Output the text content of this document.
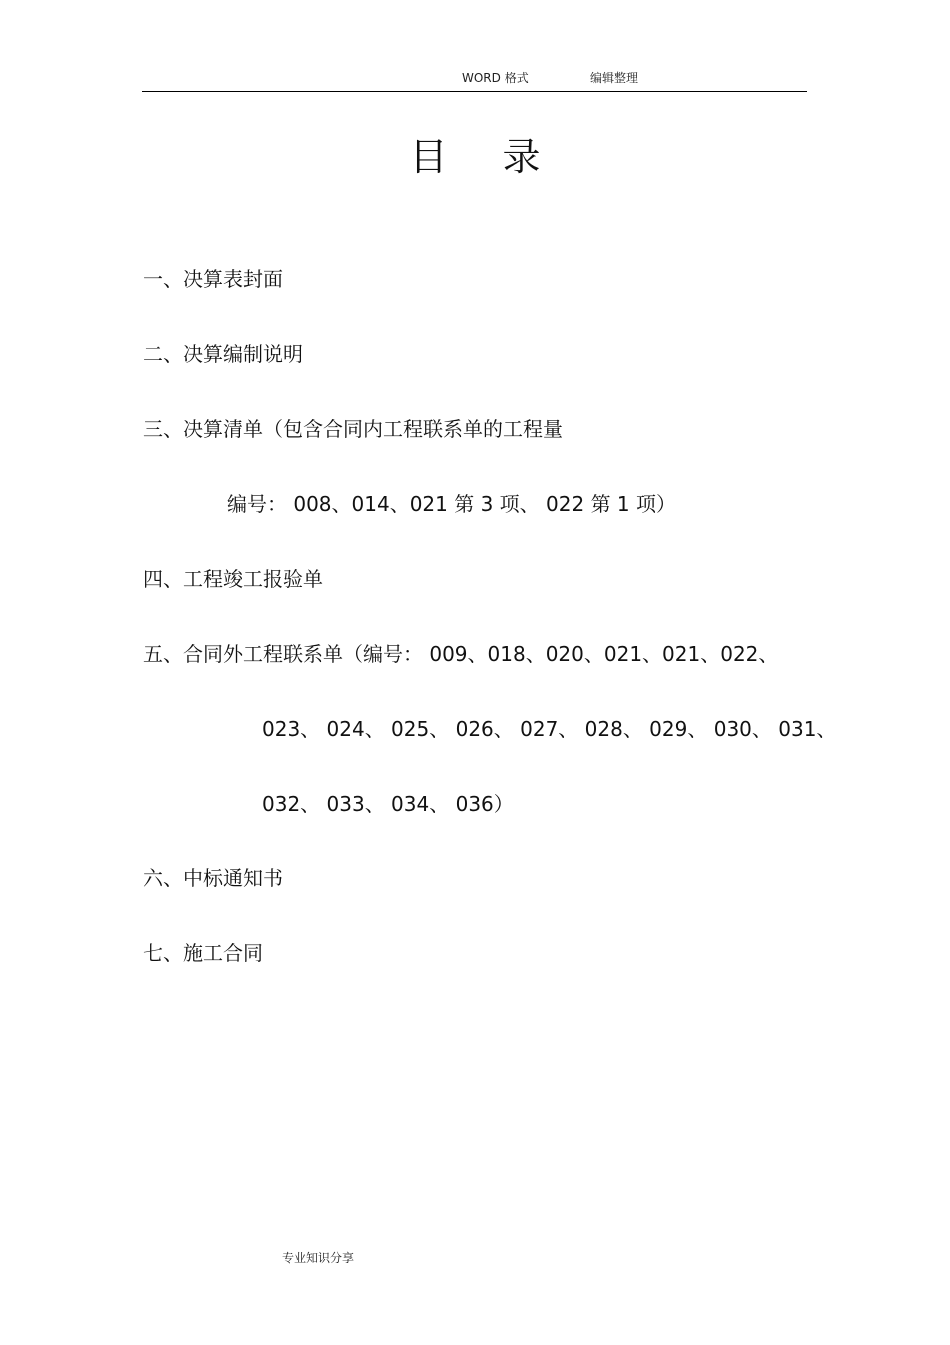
WORD 格式	编辑整理
目 录
一、决算表封面
二、决算编制说明
三、决算清单（包含合同内工程联系单的工程量
编号： 008、014、021 第 3 项、 022 第 1 项）
四、工程竣工报验单
五、合同外工程联系单（编号： 009、018、020、021、021、022、
023、 024、 025、 026、 027、 028、 029、 030、 031、
032、 033、 034、 036）
六、中标通知书
七、施工合同
专业知识分享
